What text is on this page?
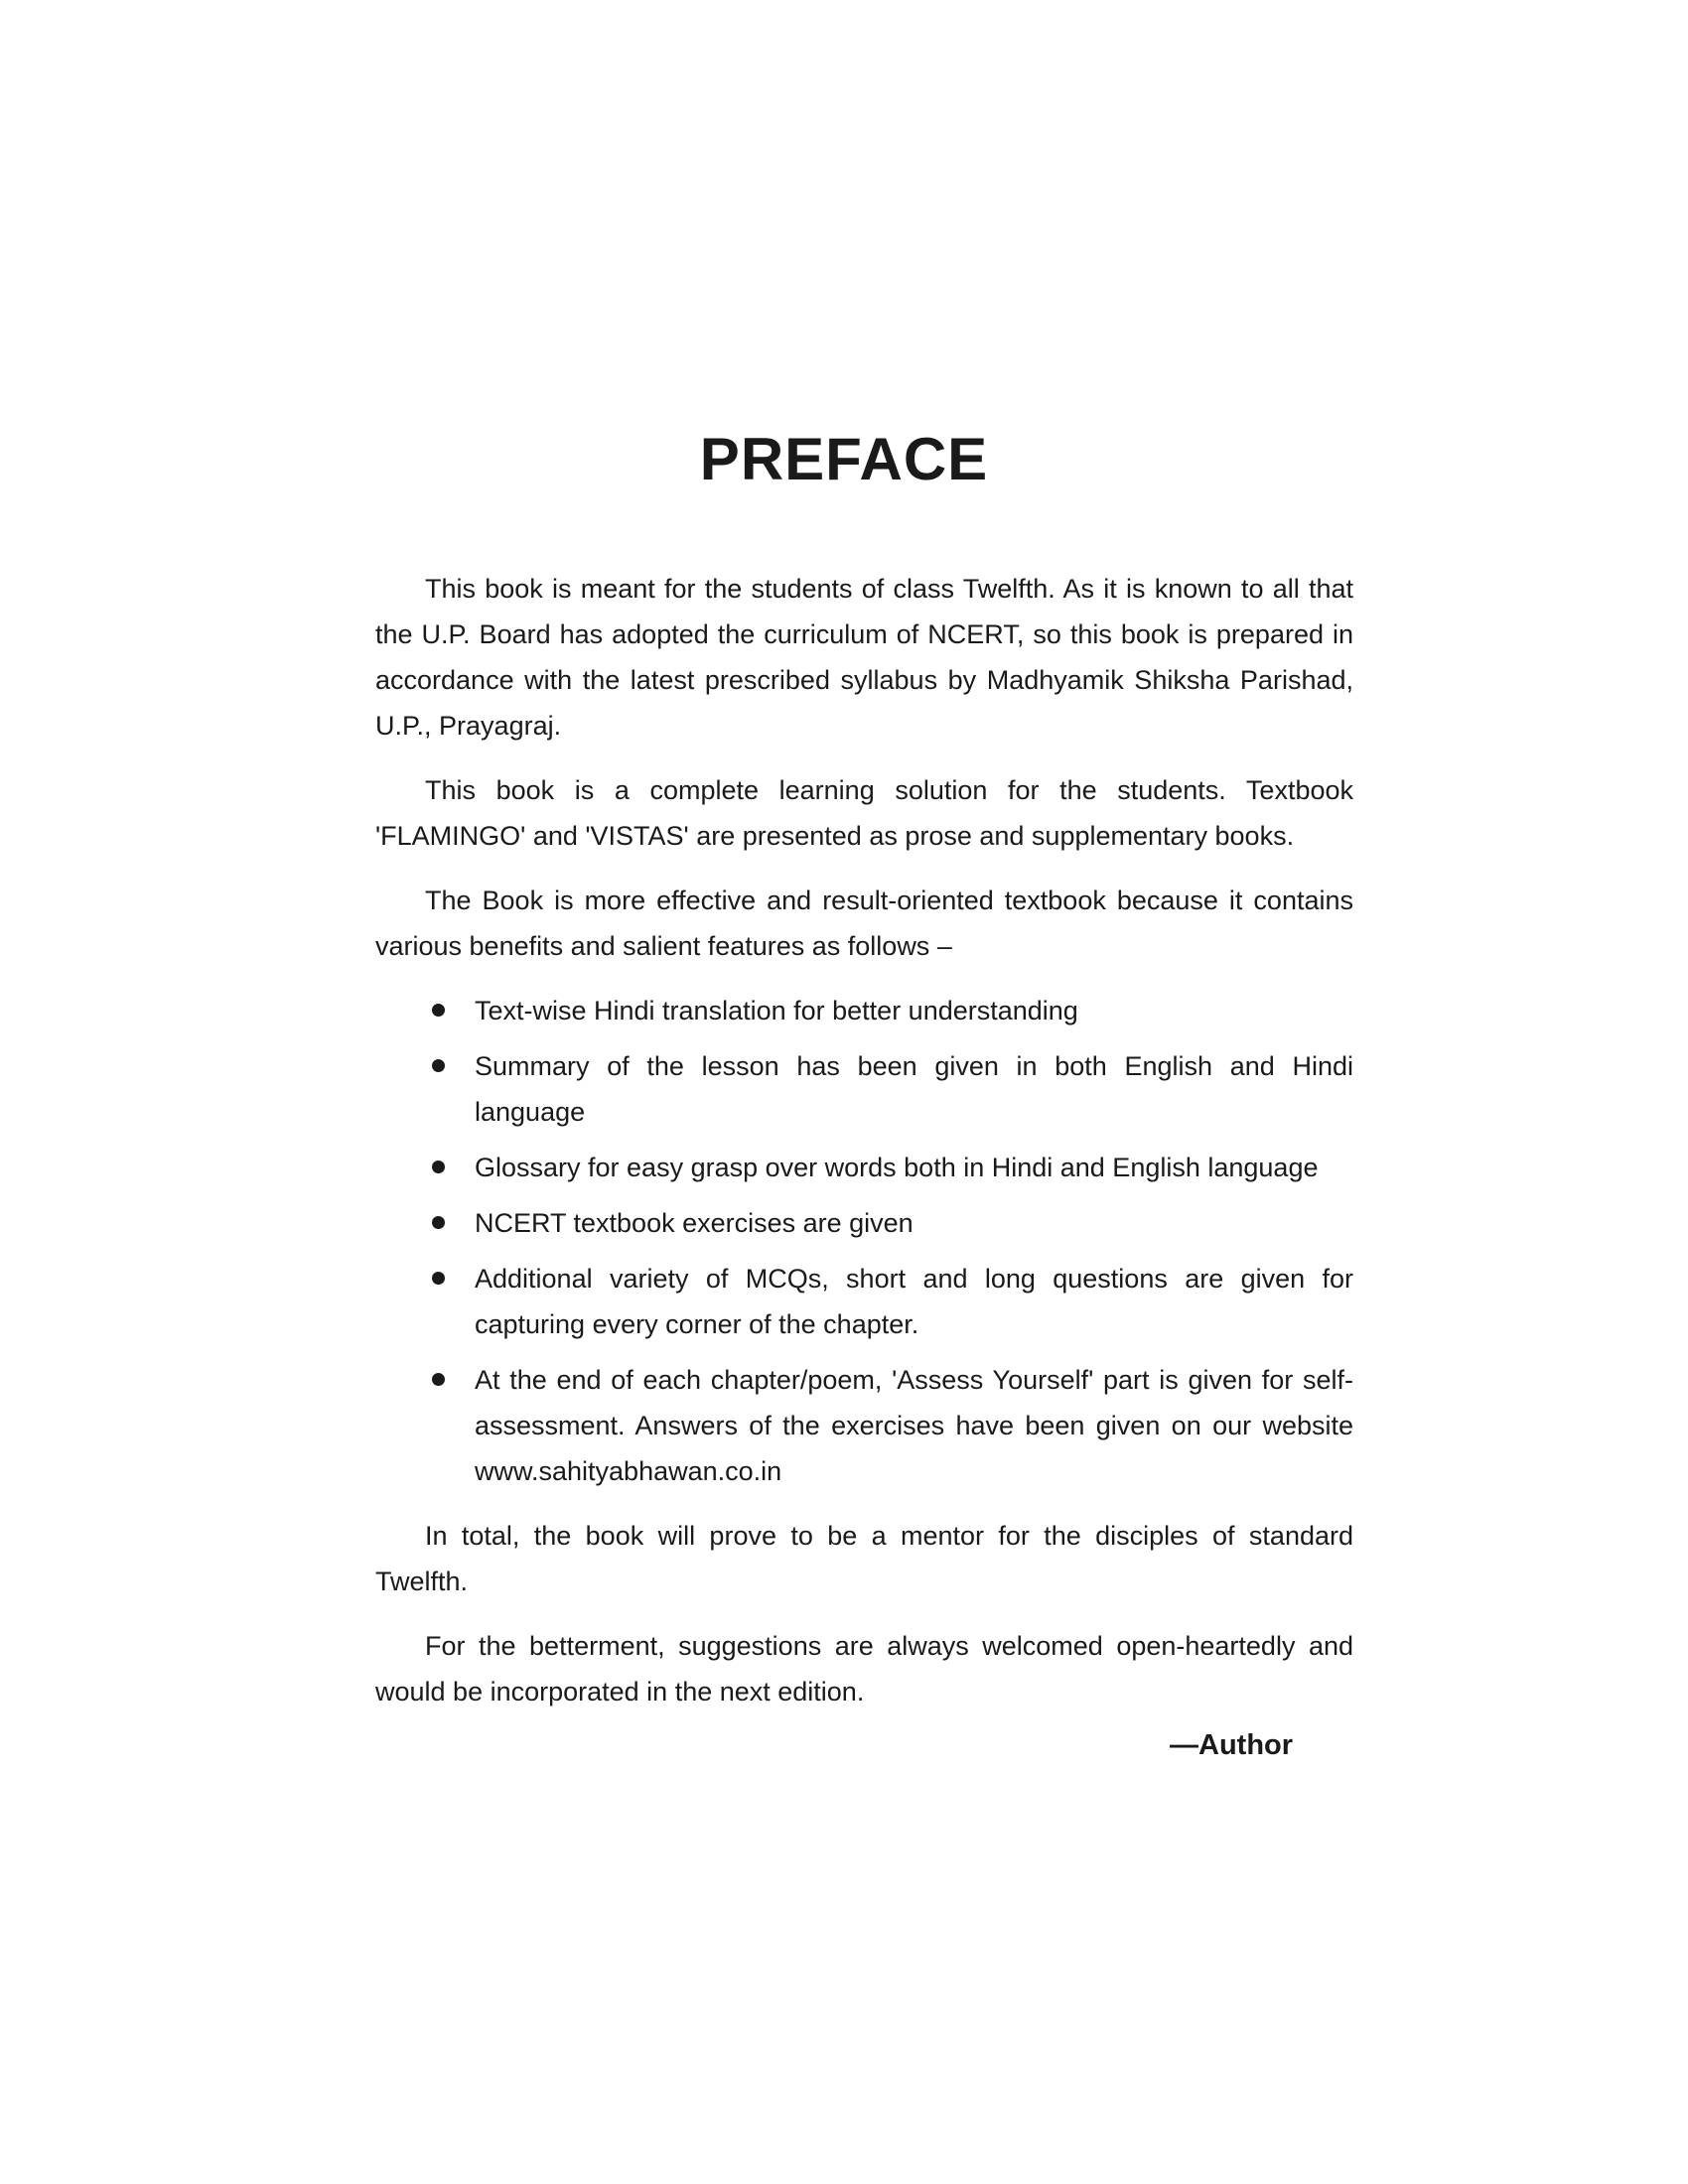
PREFACE

This book is meant for the students of class Twelfth. As it is known to all that the U.P. Board has adopted the curriculum of NCERT, so this book is prepared in accordance with the latest prescribed syllabus by Madhyamik Shiksha Parishad, U.P., Prayagraj.

This book is a complete learning solution for the students. Textbook 'FLAMINGO' and 'VISTAS' are presented as prose and supplementary books.

The Book is more effective and result-oriented textbook because it contains various benefits and salient features as follows –

Text-wise Hindi translation for better understanding
Summary of the lesson has been given in both English and Hindi language
Glossary for easy grasp over words both in Hindi and English language
NCERT textbook exercises are given
Additional variety of MCQs, short and long questions are given for capturing every corner of the chapter.
At the end of each chapter/poem, 'Assess Yourself' part is given for self-assessment. Answers of the exercises have been given on our website www.sahityabhawan.co.in

In total, the book will prove to be a mentor for the disciples of standard Twelfth.

For the betterment, suggestions are always welcomed open-heartedly and would be incorporated in the next edition.

—Author
